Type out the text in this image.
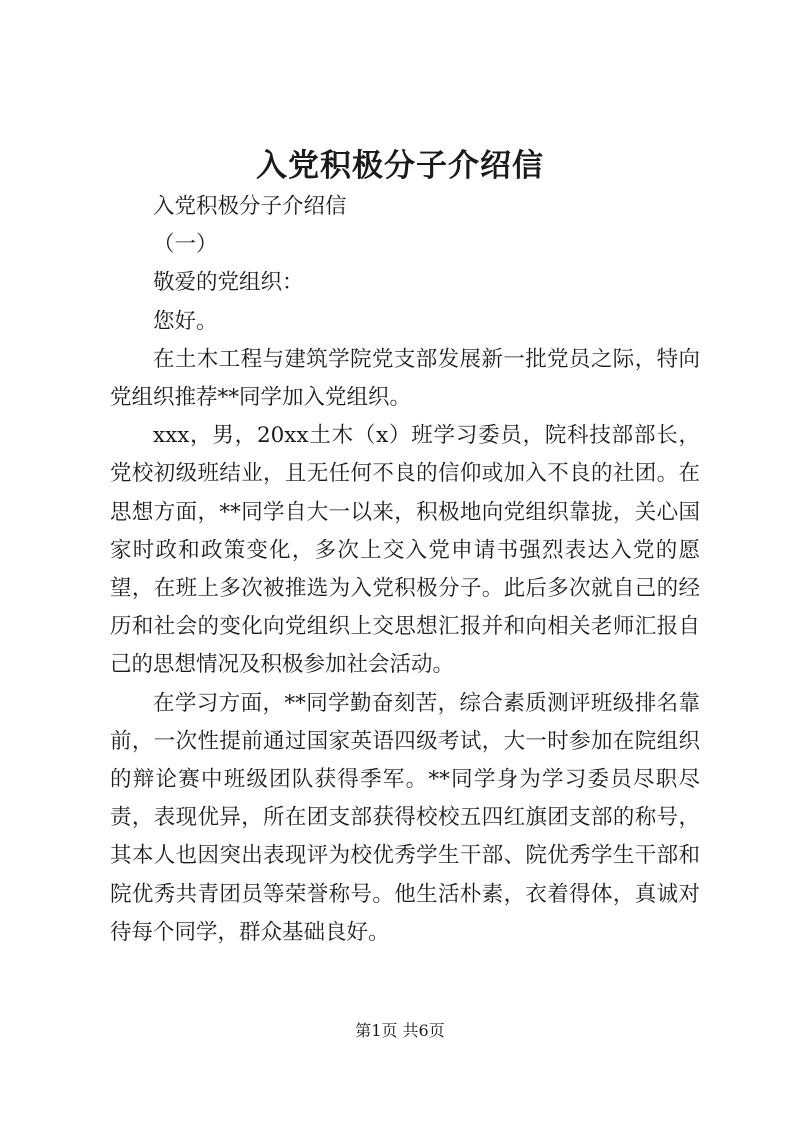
入党积极分子介绍信

入党积极分子介绍信

（一）

敬爱的党组织：

您好。

在土木工程与建筑学院党支部发展新一批党员之际，特向党组织推荐**同学加入党组织。

xxx，男，20xx土木（x）班学习委员，院科技部部长，党校初级班结业，且无任何不良的信仰或加入不良的社团。在思想方面，**同学自大一以来，积极地向党组织靠拢，关心国家时政和政策变化，多次上交入党申请书强烈表达入党的愿望，在班上多次被推选为入党积极分子。此后多次就自己的经历和社会的变化向党组织上交思想汇报并和向相关老师汇报自己的思想情况及积极参加社会活动。

在学习方面，**同学勤奋刻苦，综合素质测评班级排名靠前，一次性提前通过国家英语四级考试，大一时参加在院组织的辩论赛中班级团队获得季军。**同学身为学习委员尽职尽责，表现优异，所在团支部获得校校五四红旗团支部的称号，其本人也因突出表现评为校优秀学生干部、院优秀学生干部和院优秀共青团员等荣誉称号。他生活朴素，衣着得体，真诚对待每个同学，群众基础良好。

第1页 共6页
